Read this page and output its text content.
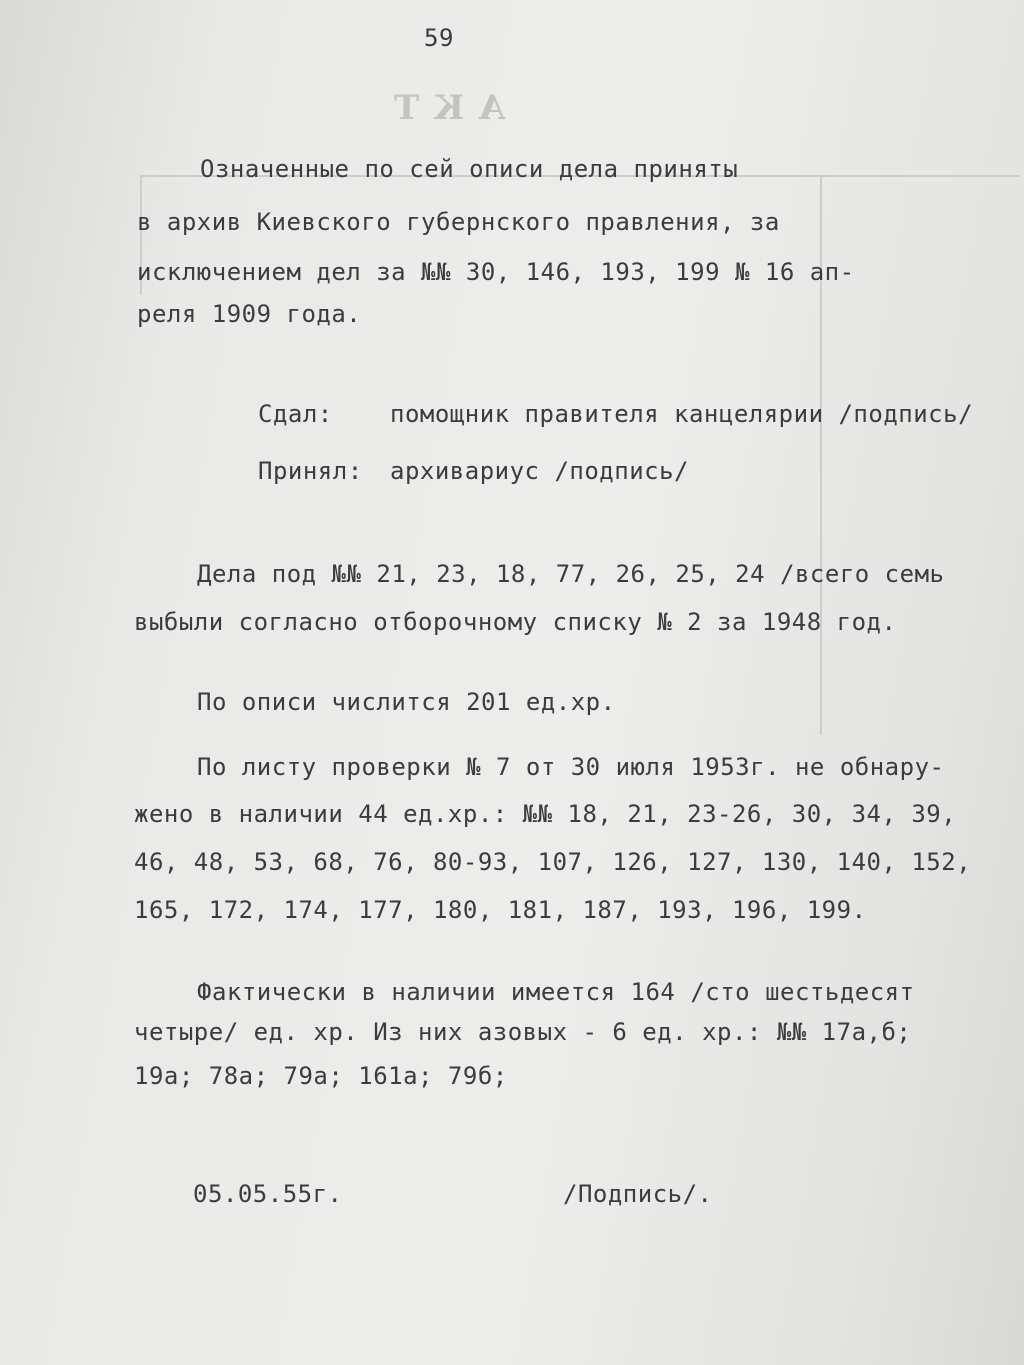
АКТ
59
Означенные по сей описи дела приняты
в архив Киевского губернского правления, за
исключением дел за №№ 30, 146, 193, 199 № 16 ап-
реля 1909 года.
Сдал: помощник правителя канцелярии /подпись/
Принял: архивариус /подпись/
Дела под №№ 21, 23, 18, 77, 26, 25, 24 /всего семь
выбыли согласно отборочному списку № 2 за 1948 год.
По описи числится 201 ед.хр.
По листу проверки № 7 от 30 июля 1953г. не обнару-
жено в наличии 44 ед.хр.: №№ 18, 21, 23-26, 30, 34, 39,
46, 48, 53, 68, 76, 80-93, 107, 126, 127, 130, 140, 152,
165, 172, 174, 177, 180, 181, 187, 193, 196, 199.
Фактически в наличии имеется 164 /сто шестьдесят
четыре/ ед. хр. Из них азовых - 6 ед. хр.: №№ 17а,б;
19а; 78а; 79а; 161а; 79б;
05.05.55г.	/Подпись/.
